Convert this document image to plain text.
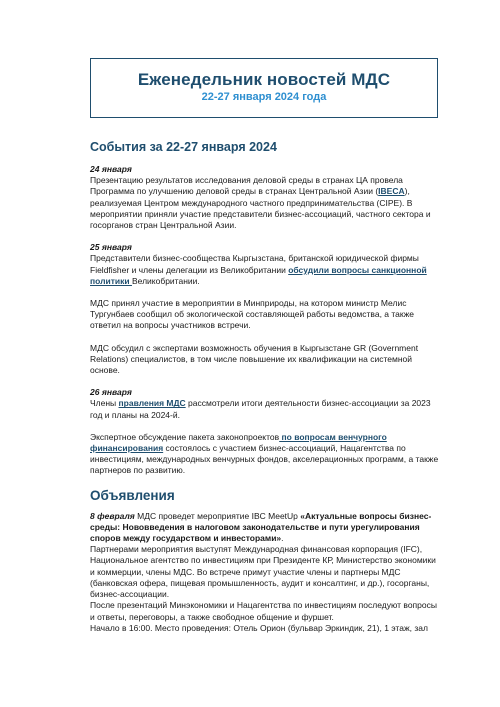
Еженедельник новостей МДС
22-27 января 2024 года
События за 22-27 января 2024

24 января

Презентацию результатов исследования деловой среды в странах ЦА провела Программа по улучшению деловой среды в странах Центральной Азии (IBECA), реализуемая Центром международного частного предпринимательства (CIPE). В мероприятии приняли участие представители бизнес-ассоциаций, частного сектора и госорганов стран Центральной Азии.

25 января

Представители бизнес-сообщества Кыргызстана, британской юридической фирмы Fieldfisher и члены делегации из Великобритании обсудили вопросы санкционной политики Великобритании.

МДС принял участие в мероприятии в Минприроды, на котором министр Мелис Тургунбаев сообщил об экологической составляющей работы ведомства, а также ответил на вопросы участников встречи.

МДС обсудил с экспертами возможность обучения в Кыргызстане GR (Government Relations) специалистов, в том числе повышение их квалификации на системной основе.

26 января

Члены правления МДС рассмотрели итоги деятельности бизнес-ассоциации за 2023 год и планы на 2024-й.

Экспертное обсуждение пакета законопроектов по вопросам венчурного финансирования состоялось с участием бизнес-ассоциаций, Нацагентства по инвестициям, международных венчурных фондов, акселерационных программ, а также партнеров по развитию.

Объявления

8 февраля МДС проведет мероприятие IBC MeetUp «Актуальные вопросы бизнес-среды: Нововведения в налоговом законодательстве и пути урегулирования споров между государством и инвесторами».

Партнерами мероприятия выступят Международная финансовая корпорация (IFC), Национальное агентство по инвестициям при Президенте КР, Министерство экономики и коммерции, члены МДС. Во встрече примут участие члены и партнеры МДС (банковская офера, пищевая промышленность, аудит и консалтинг, и др.), госорганы, бизнес-ассоциации.

После презентаций Минэкономики и Нацагентства по инвестициям последуют вопросы и ответы, переговоры, а также свободное общение и фуршет.

Начало в 16:00. Место проведения: Отель Орион (бульвар Эркиндик, 21), 1 этаж, зал
